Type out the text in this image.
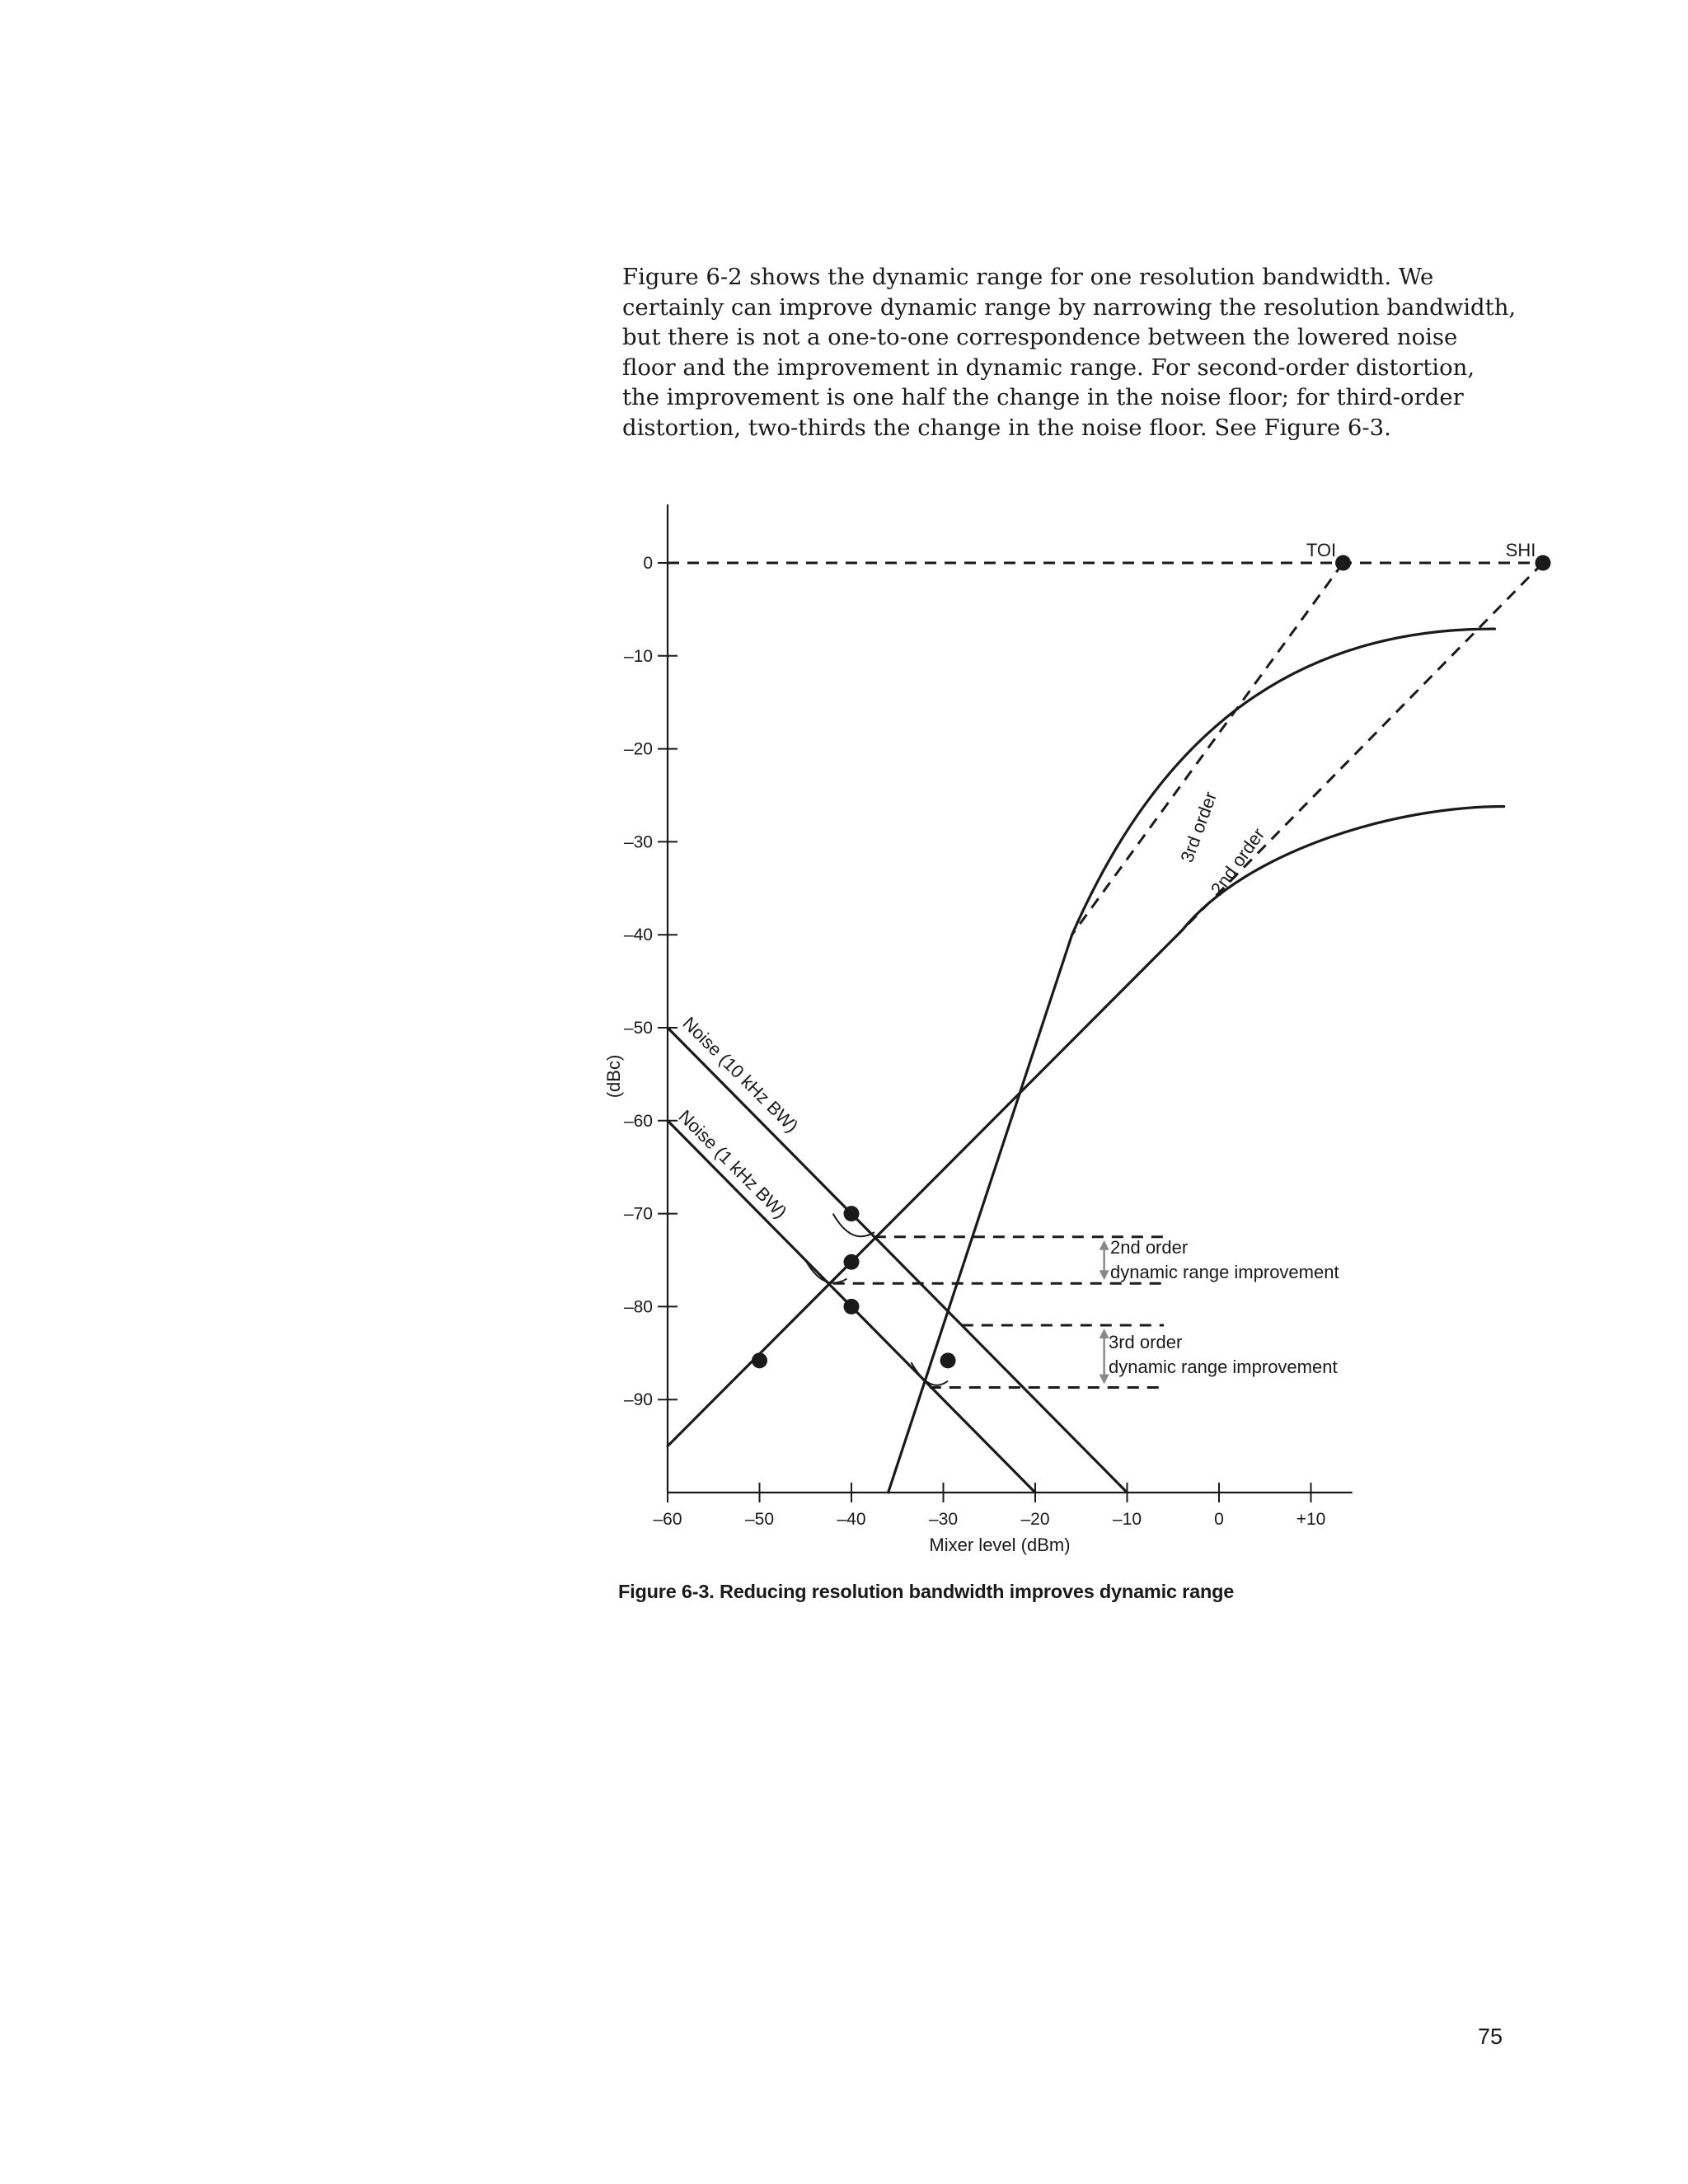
Figure 6-2 shows the dynamic range for one resolution bandwidth. We
certainly can improve dynamic range by narrowing the resolution bandwidth,
but there is not a one-to-one correspondence between the lowered noise
floor and the improvement in dynamic range. For second-order distortion,
the improvement is one half the change in the noise floor; for third-order
distortion, two-thirds the change in the noise floor. See Figure 6-3.
0
–10
–20
–30
–40
–50
–60
–70
–80
–90
–60	–50	–40	–30	–20	–10	0	+10
Mixer level (dBm)
(dBc)
TOI	SHI
Noise (10 kHz BW)
Noise (1 kHz BW)
3rd order
2nd order
2nd order dynamic range improvement
3rd order dynamic range improvement
Figure 6-3. Reducing resolution bandwidth improves dynamic range
75
